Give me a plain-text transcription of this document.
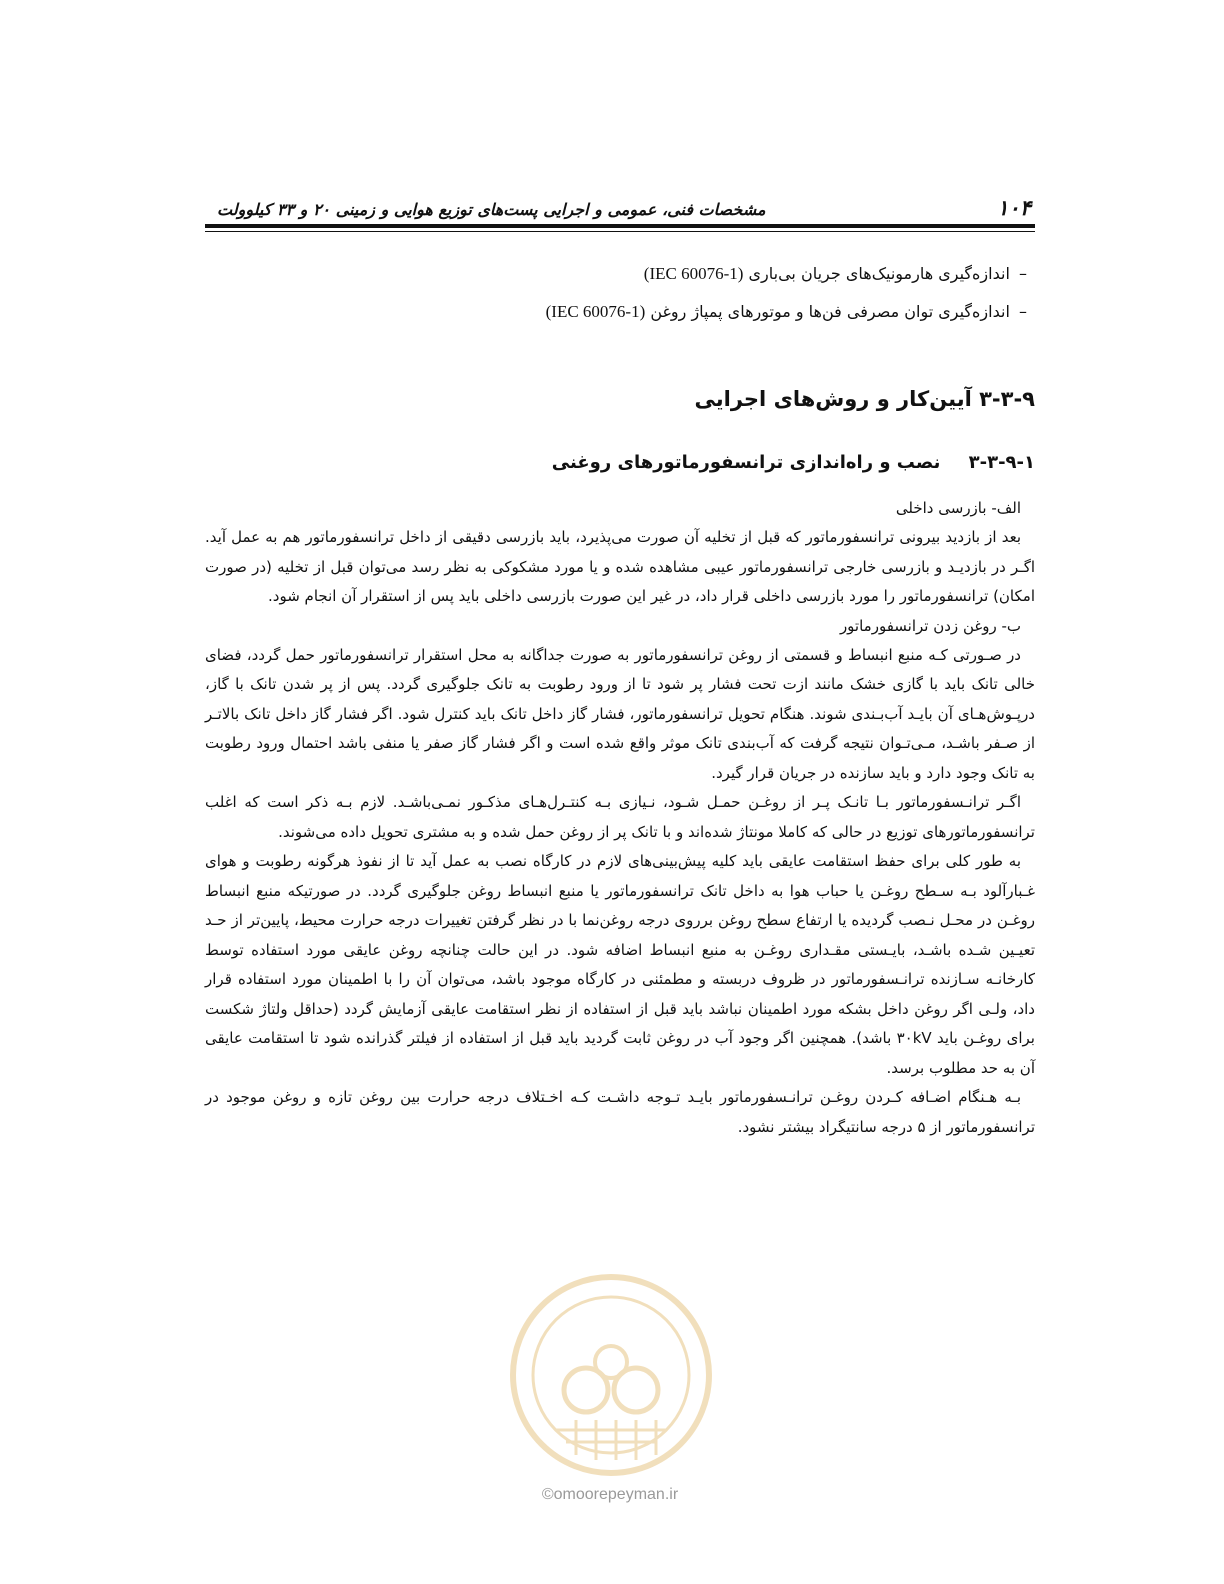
۱۰۴
مشخصات فنی، عمومی و اجرایی پست‌های توزیع هوایی و زمینی ۲۰ و ۳۳ کیلوولت

– اندازه‌گیری هارمونیک‌های جریان بی‌باری (IEC 60076-1)

– اندازه‌گیری توان مصرفی فن‌ها و موتورهای پمپاژ روغن (IEC 60076-1)

۳-۳-۹ آیین‌کار و روش‌های اجرایی
۳-۳-۹-۱ نصب و راه‌اندازی ترانسفورماتورهای روغنی

الف- بازرسی داخلی

بعد از بازدید بیرونی ترانسفورماتور که قبل از تخلیه آن صورت می‌پذیرد، باید بازرسی دقیقی از داخل ترانسفورماتور هم به عمل آید. اگـر در بازدیـد و بازرسی خارجی ترانسفورماتور عیبی مشاهده شده و یا مورد مشکوکی به نظر رسد می‌توان قبل از تخلیه (در صورت امکان) ترانسفورماتور را مورد بازرسی داخلی قرار داد، در غیر این صورت بازرسی داخلی باید پس از استقرار آن انجام شود.

ب- روغن زدن ترانسفورماتور

در صـورتی کـه منبع انبساط و قسمتی از روغن ترانسفورماتور به صورت جداگانه به محل استقرار ترانسفورماتور حمل گردد، فضای خالی تانک باید با گازی خشک مانند ازت تحت فشار پر شود تا از ورود رطوبت به تانک جلوگیری گردد. پس از پر شدن تانک با گاز، درپـوش‌هـای آن بایـد آب‌بـندی شوند. هنگام تحویل ترانسفورماتور، فشار گاز داخل تانک باید کنترل شود. اگر فشار گاز داخل تانک بالاتـر از صـفر باشـد، مـی‌تـوان نتیجه گرفت که آب‌بندی تانک موثر واقع شده است و اگر فشار گاز صفر یا منفی باشد احتمال ورود رطوبت به تانک وجود دارد و باید سازنده در جریان قرار گیرد.

اگـر ترانـسفورماتور بـا تانـک پـر از روغـن حمـل شـود، نـیازی بـه کنتـرل‌هـای مذکـور نمـی‌باشـد. لازم بـه ذکر است که اغلب ترانسفورماتورهای توزیع در حالی که کاملا مونتاژ شده‌اند و با تانک پر از روغن حمل شده و به مشتری تحویل داده می‌شوند.

به طور کلی برای حفظ استقامت عایقی باید کلیه پیش‌بینی‌های لازم در کارگاه نصب به عمل آید تا از نفوذ هرگونه رطوبت و هوای غـبارآلود بـه سـطح روغـن یا حباب هوا به داخل تانک ترانسفورماتور یا منبع انبساط روغن جلوگیری گردد. در صورتیکه منبع انبساط روغـن در محـل نـصب گردیده یا ارتفاع سطح روغن برروی درجه روغن‌نما با در نظر گرفتن تغییرات درجه حرارت محیط، پایین‌تر از حـد تعیـین شـده باشـد، بایـستی مقـداری روغـن به منبع انبساط اضافه شود. در این حالت چنانچه روغن عایقی مورد استفاده توسط کارخانـه سـازنده ترانـسفورماتور در ظروف دربسته و مطمئنی در کارگاه موجود باشد، می‌توان آن را با اطمینان مورد استفاده قرار داد، ولـی اگر روغن داخل بشکه مورد اطمینان نباشد باید قبل از استفاده از نظر استقامت عایقی آزمایش گردد (حداقل ولتاژ شکست برای روغـن باید ۳۰kV باشد). همچنین اگر وجود آب در روغن ثابت گردید باید قبل از استفاده از فیلتر گذرانده شود تا استقامت عایقی آن به حد مطلوب برسد.

بـه هـنگام اضـافه کـردن روغـن ترانـسفورماتور بایـد تـوجه داشـت کـه اخـتلاف درجه حرارت بین روغن تازه و روغن موجود در ترانسفورماتور از ۵ درجه سانتیگراد بیشتر نشود.

©omoorepeyman.ir
